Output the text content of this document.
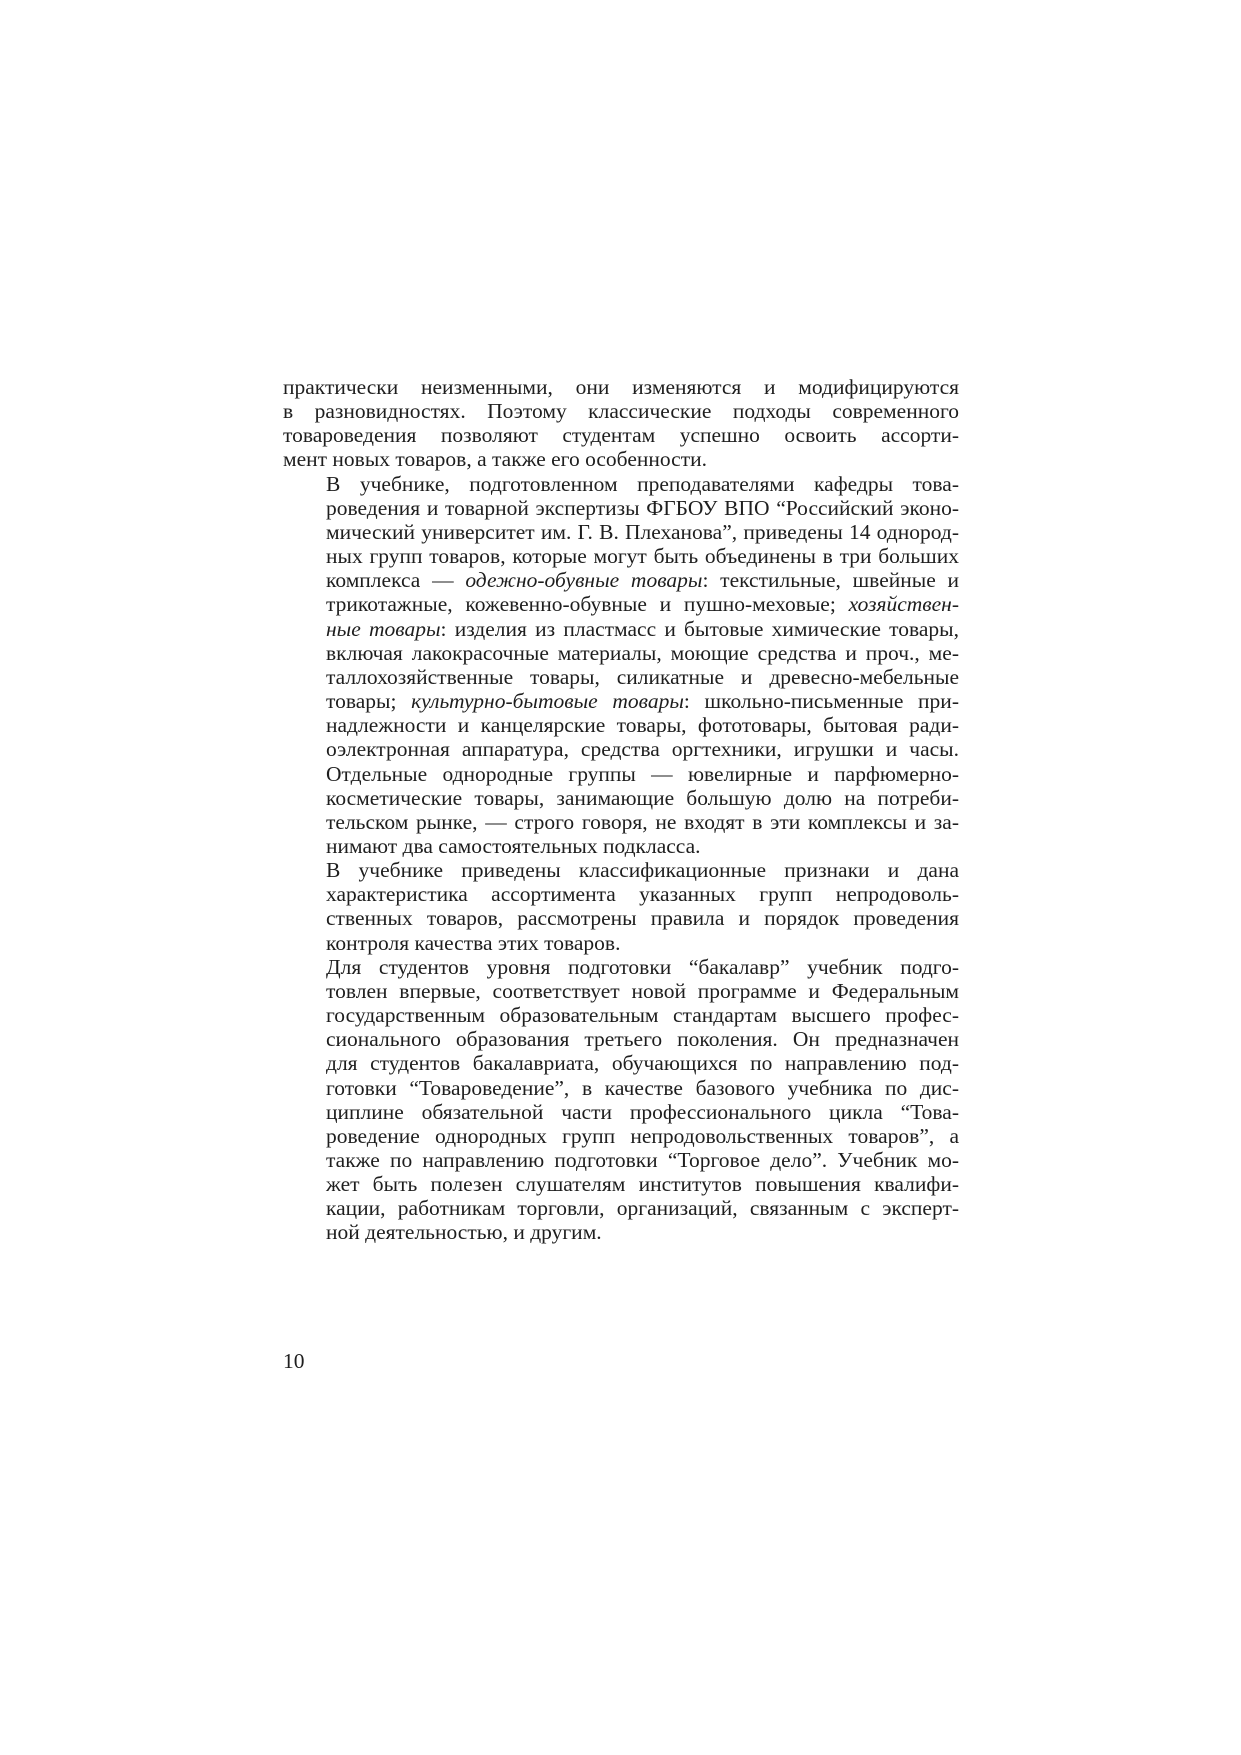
практически неизменными, они изменяются и модифицируются
в разновидностях. Поэтому классические подходы современного
товароведения позволяют студентам успешно освоить ассорти-
мент новых товаров, а также его особенности.

В учебнике, подготовленном преподавателями кафедры това-
роведения и товарной экспертизы ФГБОУ ВПО “Российский эконо-
мический университет им. Г. В. Плеханова”, приведены 14 однород-
ных групп товаров, которые могут быть объединены в три больших
комплекса — одежно-обувные товары: текстильные, швейные и
трикотажные, кожевенно-обувные и пушно-меховые; хозяйствен-
ные товары: изделия из пластмасс и бытовые химические товары,
включая лакокрасочные материалы, моющие средства и проч., ме-
таллохозяйственные товары, силикатные и древесно-мебельные
товары; культурно-бытовые товары: школьно-письменные при-
надлежности и канцелярские товары, фототовары, бытовая ради-
оэлектронная аппаратура, средства оргтехники, игрушки и часы.
Отдельные однородные группы — ювелирные и парфюмерно-
косметические товары, занимающие большую долю на потреби-
тельском рынке, — строго говоря, не входят в эти комплексы и за-
нимают два самостоятельных подкласса.

В учебнике приведены классификационные признаки и дана
характеристика ассортимента указанных групп непродоволь-
ственных товаров, рассмотрены правила и порядок проведения
контроля качества этих товаров.

Для студентов уровня подготовки “бакалавр” учебник подго-
товлен впервые, соответствует новой программе и Федеральным
государственным образовательным стандартам высшего профес-
сионального образования третьего поколения. Он предназначен
для студентов бакалавриата, обучающихся по направлению под-
готовки “Товароведение”, в качестве базового учебника по дис-
циплине обязательной части профессионального цикла “Това-
роведение однородных групп непродовольственных товаров”, а
также по направлению подготовки “Торговое дело”. Учебник мо-
жет быть полезен слушателям институтов повышения квалифи-
кации, работникам торговли, организаций, связанным с эксперт-
ной деятельностью, и другим.

10
